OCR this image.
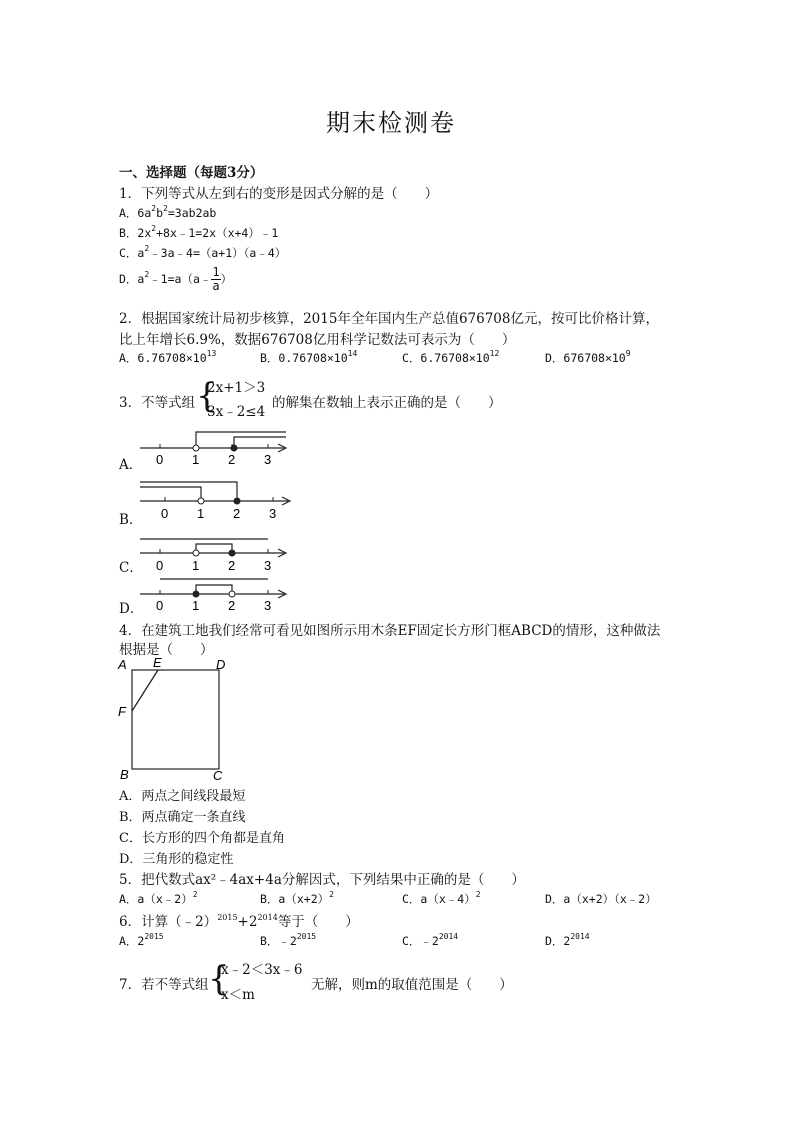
期末检测卷
一、选择题（每题3分）
1．下列等式从左到右的变形是因式分解的是（　　）
A．$6a^2b^2=3ab2ab$
B．$2x^2+8x﹣1=2x(x+4)﹣1$
C．$a^2﹣3a﹣4=(a+1)(a﹣4)$
D．$a^2﹣1=a(a﹣ \frac{1}{a}$ ）
2．根据国家统计局初步核算，2015年全年国内生产总值676708亿元，按可比价格计算，
比上年增长6.9%，数据676708亿用科学记数法可表示为（　　）
A．$6.76708\times 10^{13}$	B．$0.76708\times 10^{14}$	C．$6.76708\times 10^{12}$	D．$676708\times 10^9$
3．不等式组 {
2x+1＞3
3x﹣2≤4
的解集在数轴上表示正确的是（　　）
A． 0 1 2 3
B． 0 1 2 3
C． 0 1 2 3
D． 0 1 2 3
4．在建筑工地我们经常可看见如图所示用木条EF固定长方形门框ABCD的情形，这种做法
根据是（　　）
A E	D
F
B	C
A．两点之间线段最短
B．两点确定一条直线
C．长方形的四个角都是直角
D．三角形的稳定性
5．把代数式ax²﹣4ax+4a分解因式，下列结果中正确的是（　　）
A．a（x﹣2）$^2$	B．$a(x+2)^2$	C．a（x﹣4）$^2$	D．a（x+2）（x﹣2）
6．计算$(﹣2)^{2015}+2^{2014}$等于（　　）
A．$2^{2015}$	B．$﹣2^{2015}$	C．$﹣2^{2014}$	D．$2^{2014}$
7．若不等式组 {
x﹣2＜3x﹣6
x＜m
无解，则m的取值范围是（　　）
